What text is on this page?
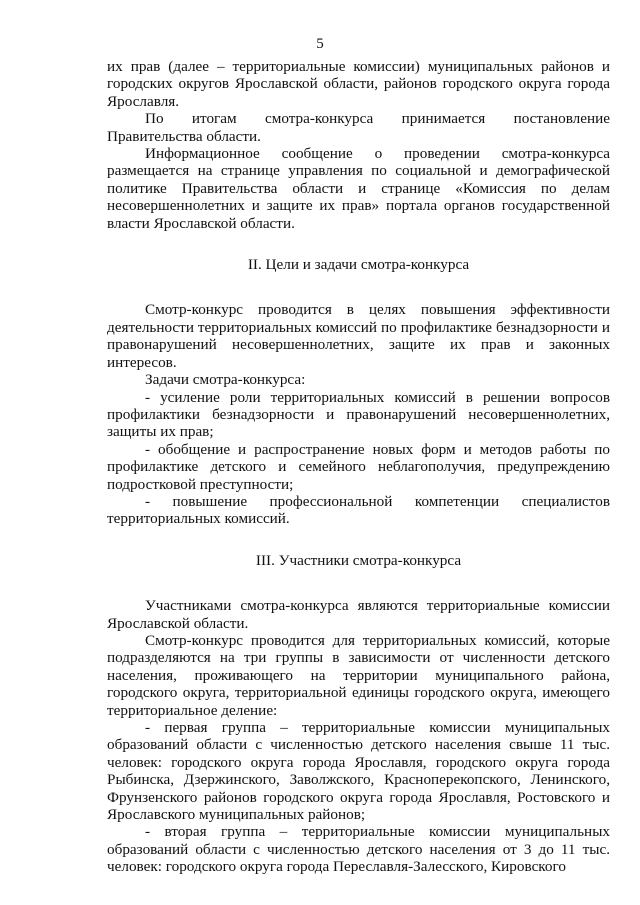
5

их прав (далее – территориальные комиссии) муниципальных районов и городских округов Ярославской области, районов городского округа города Ярославля.

По итогам смотра-конкурса принимается постановление Правительства области.

Информационное сообщение о проведении смотра-конкурса размещается на странице управления по социальной и демографической политике Правительства области и странице «Комиссия по делам несовершеннолетних и защите их прав» портала органов государственной власти Ярославской области.

II. Цели и задачи смотра-конкурса

Смотр-конкурс проводится в целях повышения эффективности деятельности территориальных комиссий по профилактике безнадзорности и правонарушений несовершеннолетних, защите их прав и законных интересов.

Задачи смотра-конкурса:

- усиление роли территориальных комиссий в решении вопросов профилактики безнадзорности и правонарушений несовершеннолетних, защиты их прав;

- обобщение и распространение новых форм и методов работы по профилактике детского и семейного неблагополучия, предупреждению подростковой преступности;

- повышение профессиональной компетенции специалистов территориальных комиссий.

III. Участники смотра-конкурса

Участниками смотра-конкурса являются территориальные комиссии Ярославской области.

Смотр-конкурс проводится для территориальных комиссий, которые подразделяются на три группы в зависимости от численности детского населения, проживающего на территории муниципального района, городского округа, территориальной единицы городского округа, имеющего территориальное деление:

- первая группа – территориальные комиссии муниципальных образований области с численностью детского населения свыше 11 тыс. человек: городского округа города Ярославля, городского округа города Рыбинска, Дзержинского, Заволжского, Красноперекопского, Ленинского, Фрунзенского районов городского округа города Ярославля, Ростовского и Ярославского муниципальных районов;

- вторая группа – территориальные комиссии муниципальных образований области с численностью детского населения от 3 до 11 тыс. человек: городского округа города Переславля-Залесского, Кировского
